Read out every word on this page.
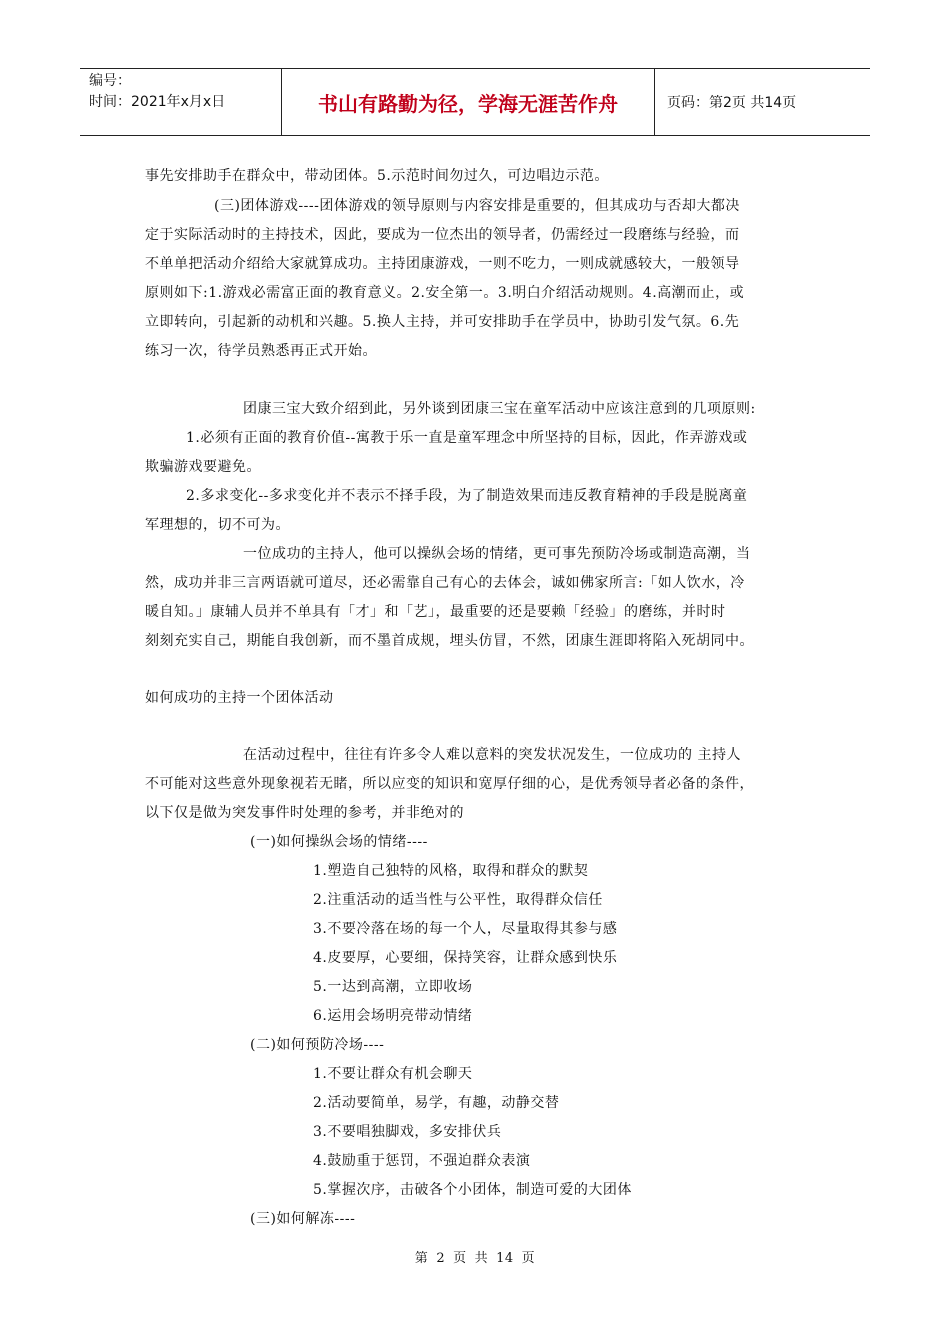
编号：
时间：2021年x月x日	书山有路勤为径，学海无涯苦作舟	页码：第2页 共14页
事先安排助手在群众中，带动团体。5.示范时间勿过久，可边唱边示范。
(三)团体游戏----团体游戏的领导原则与内容安排是重要的，但其成功与否却大都决
定于实际活动时的主持技术，因此，要成为一位杰出的领导者，仍需经过一段磨练与经验，而
不单单把活动介绍给大家就算成功。主持团康游戏，一则不吃力，一则成就感较大，一般领导
原则如下:1.游戏必需富正面的教育意义。2.安全第一。3.明白介绍活动规则。4.高潮而止，或
立即转向，引起新的动机和兴趣。5.换人主持，并可安排助手在学员中，协助引发气氛。6.先
练习一次，待学员熟悉再正式开始。
团康三宝大致介绍到此，另外谈到团康三宝在童军活动中应该注意到的几项原则:
1.必须有正面的教育价值--寓教于乐一直是童军理念中所坚持的目标，因此，作弄游戏或
欺骗游戏要避免。
2.多求变化--多求变化并不表示不择手段，为了制造效果而违反教育精神的手段是脱离童
军理想的，切不可为。
一位成功的主持人，他可以操纵会场的情绪，更可事先预防冷场或制造高潮，当
然，成功并非三言两语就可道尽，还必需靠自己有心的去体会，诚如佛家所言:「如人饮水，冷
暖自知。」康辅人员并不单具有「才」和「艺」，最重要的还是要赖「经验」的磨练，并时时
刻刻充实自己，期能自我创新，而不墨首成规，埋头仿冒，不然，团康生涯即将陷入死胡同中。
如何成功的主持一个团体活动
在活动过程中，往往有许多令人难以意料的突发状况发生，一位成功的 主持人
不可能对这些意外现象视若无睹，所以应变的知识和宽厚仔细的心，是优秀领导者必备的条件，
以下仅是做为突发事件时处理的参考，并非绝对的
(一)如何操纵会场的情绪----
1.塑造自己独特的风格，取得和群众的默契
2.注重活动的适当性与公平性，取得群众信任
3.不要冷落在场的每一个人，尽量取得其参与感
4.皮要厚，心要细，保持笑容，让群众感到快乐
5.一达到高潮，立即收场
6.运用会场明亮带动情绪
(二)如何预防冷场----
1.不要让群众有机会聊天
2.活动要简单，易学，有趣，动静交替
3.不要唱独脚戏，多安排伏兵
4.鼓励重于惩罚，不强迫群众表演
5.掌握次序，击破各个小团体，制造可爱的大团体
(三)如何解冻----
第 2 页 共 14 页
